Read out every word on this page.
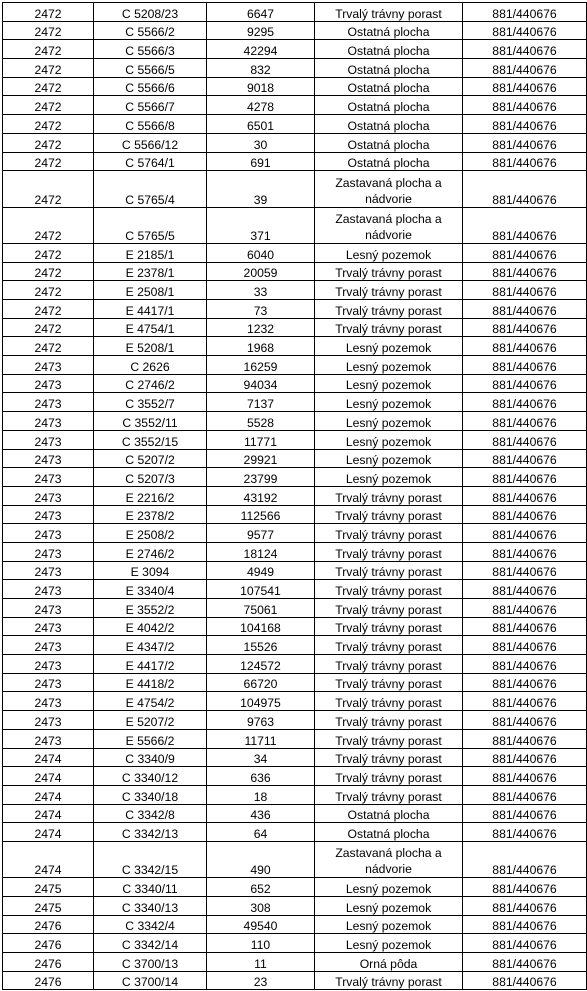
2472	C 5208/23	6647	Trvalý trávny porast	881/440676
2472	C 5566/2	9295	Ostatná plocha	881/440676
2472	C 5566/3	42294	Ostatná plocha	881/440676
2472	C 5566/5	832	Ostatná plocha	881/440676
2472	C 5566/6	9018	Ostatná plocha	881/440676
2472	C 5566/7	4278	Ostatná plocha	881/440676
2472	C 5566/8	6501	Ostatná plocha	881/440676
2472	C 5566/12	30	Ostatná plocha	881/440676
2472	C 5764/1	691	Ostatná plocha	881/440676
2472	C 5765/4	39	Zastavaná plocha a nádvorie	881/440676
2472	C 5765/5	371	Zastavaná plocha a nádvorie	881/440676
2472	E 2185/1	6040	Lesný pozemok	881/440676
2472	E 2378/1	20059	Trvalý trávny porast	881/440676
2472	E 2508/1	33	Trvalý trávny porast	881/440676
2472	E 4417/1	73	Trvalý trávny porast	881/440676
2472	E 4754/1	1232	Trvalý trávny porast	881/440676
2472	E 5208/1	1968	Lesný pozemok	881/440676
2473	C 2626	16259	Lesný pozemok	881/440676
2473	C 2746/2	94034	Lesný pozemok	881/440676
2473	C 3552/7	7137	Lesný pozemok	881/440676
2473	C 3552/11	5528	Lesný pozemok	881/440676
2473	C 3552/15	11771	Lesný pozemok	881/440676
2473	C 5207/2	29921	Lesný pozemok	881/440676
2473	C 5207/3	23799	Lesný pozemok	881/440676
2473	E 2216/2	43192	Trvalý trávny porast	881/440676
2473	E 2378/2	112566	Trvalý trávny porast	881/440676
2473	E 2508/2	9577	Trvalý trávny porast	881/440676
2473	E 2746/2	18124	Trvalý trávny porast	881/440676
2473	E 3094	4949	Trvalý trávny porast	881/440676
2473	E 3340/4	107541	Trvalý trávny porast	881/440676
2473	E 3552/2	75061	Trvalý trávny porast	881/440676
2473	E 4042/2	104168	Trvalý trávny porast	881/440676
2473	E 4347/2	15526	Trvalý trávny porast	881/440676
2473	E 4417/2	124572	Trvalý trávny porast	881/440676
2473	E 4418/2	66720	Trvalý trávny porast	881/440676
2473	E 4754/2	104975	Trvalý trávny porast	881/440676
2473	E 5207/2	9763	Trvalý trávny porast	881/440676
2473	E 5566/2	11711	Trvalý trávny porast	881/440676
2474	C 3340/9	34	Trvalý trávny porast	881/440676
2474	C 3340/12	636	Trvalý trávny porast	881/440676
2474	C 3340/18	18	Trvalý trávny porast	881/440676
2474	C 3342/8	436	Ostatná plocha	881/440676
2474	C 3342/13	64	Ostatná plocha	881/440676
2474	C 3342/15	490	Zastavaná plocha a nádvorie	881/440676
2475	C 3340/11	652	Lesný pozemok	881/440676
2475	C 3340/13	308	Lesný pozemok	881/440676
2476	C 3342/4	49540	Lesný pozemok	881/440676
2476	C 3342/14	110	Lesný pozemok	881/440676
2476	C 3700/13	11	Orná pôda	881/440676
2476	C 3700/14	23	Trvalý trávny porast	881/440676
